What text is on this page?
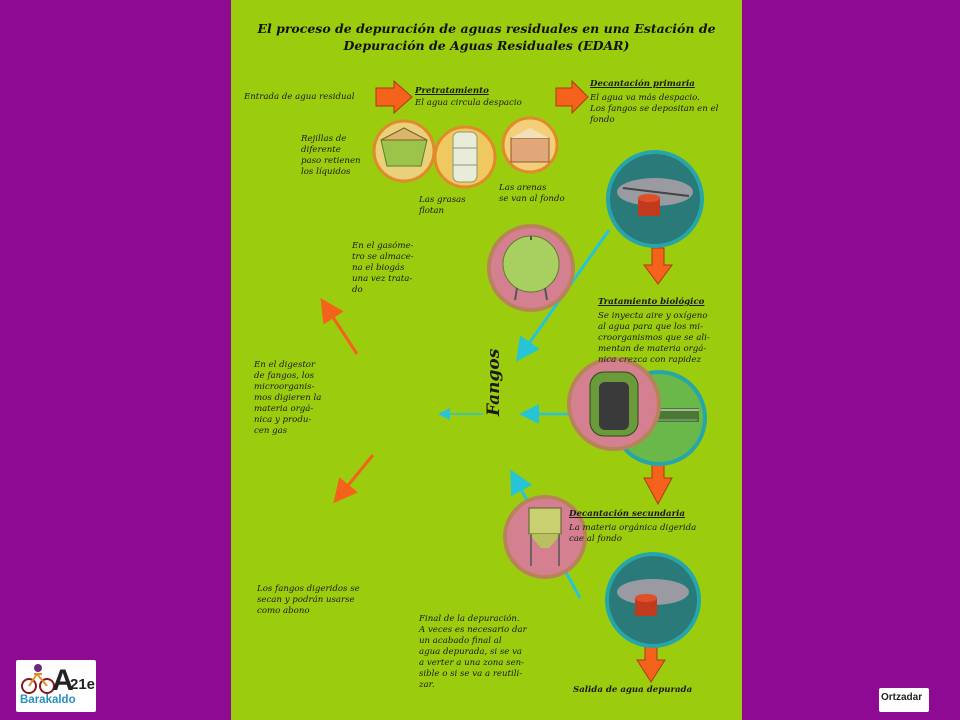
El proceso de depuración de aguas residuales en una Estación de
Depuración de Aguas Residuales (EDAR)
Entrada de agua residual
Pretratamiento
El agua circula despacio
Decantación primaria
El agua va más despacio.
Los fangos se depositan en el
fondo
Rejillas de
diferente
paso retienen
los líquidos
Las grasas
flotan
Las arenas
se van al fondo
En el gasóme-
tro se almace-
na el biogás
una vez trata-
do
Tratamiento biológico
Se inyecta aire y oxígeno
al agua para que los mi-
croorganismos que se ali-
mentan de materia orgá-
nica crezca con rapidez
En el digestor
de fangos, los
microorganis-
mos digieren la
materia orgá-
nica y produ-
cen gas
Fangos
Decantación secundaria
La materia orgánica digerida
cae al fondo
Los fangos digeridos se
secan y podrán usarse
como abono
Final de la depuración.
A veces es necesario dar
un acabado final al
agua depurada, si se va
a verter a una zona sen-
sible o si se va a reutili-
zar.	Salida de agua depurada
A
21e
Barakaldo	Ortzadar
